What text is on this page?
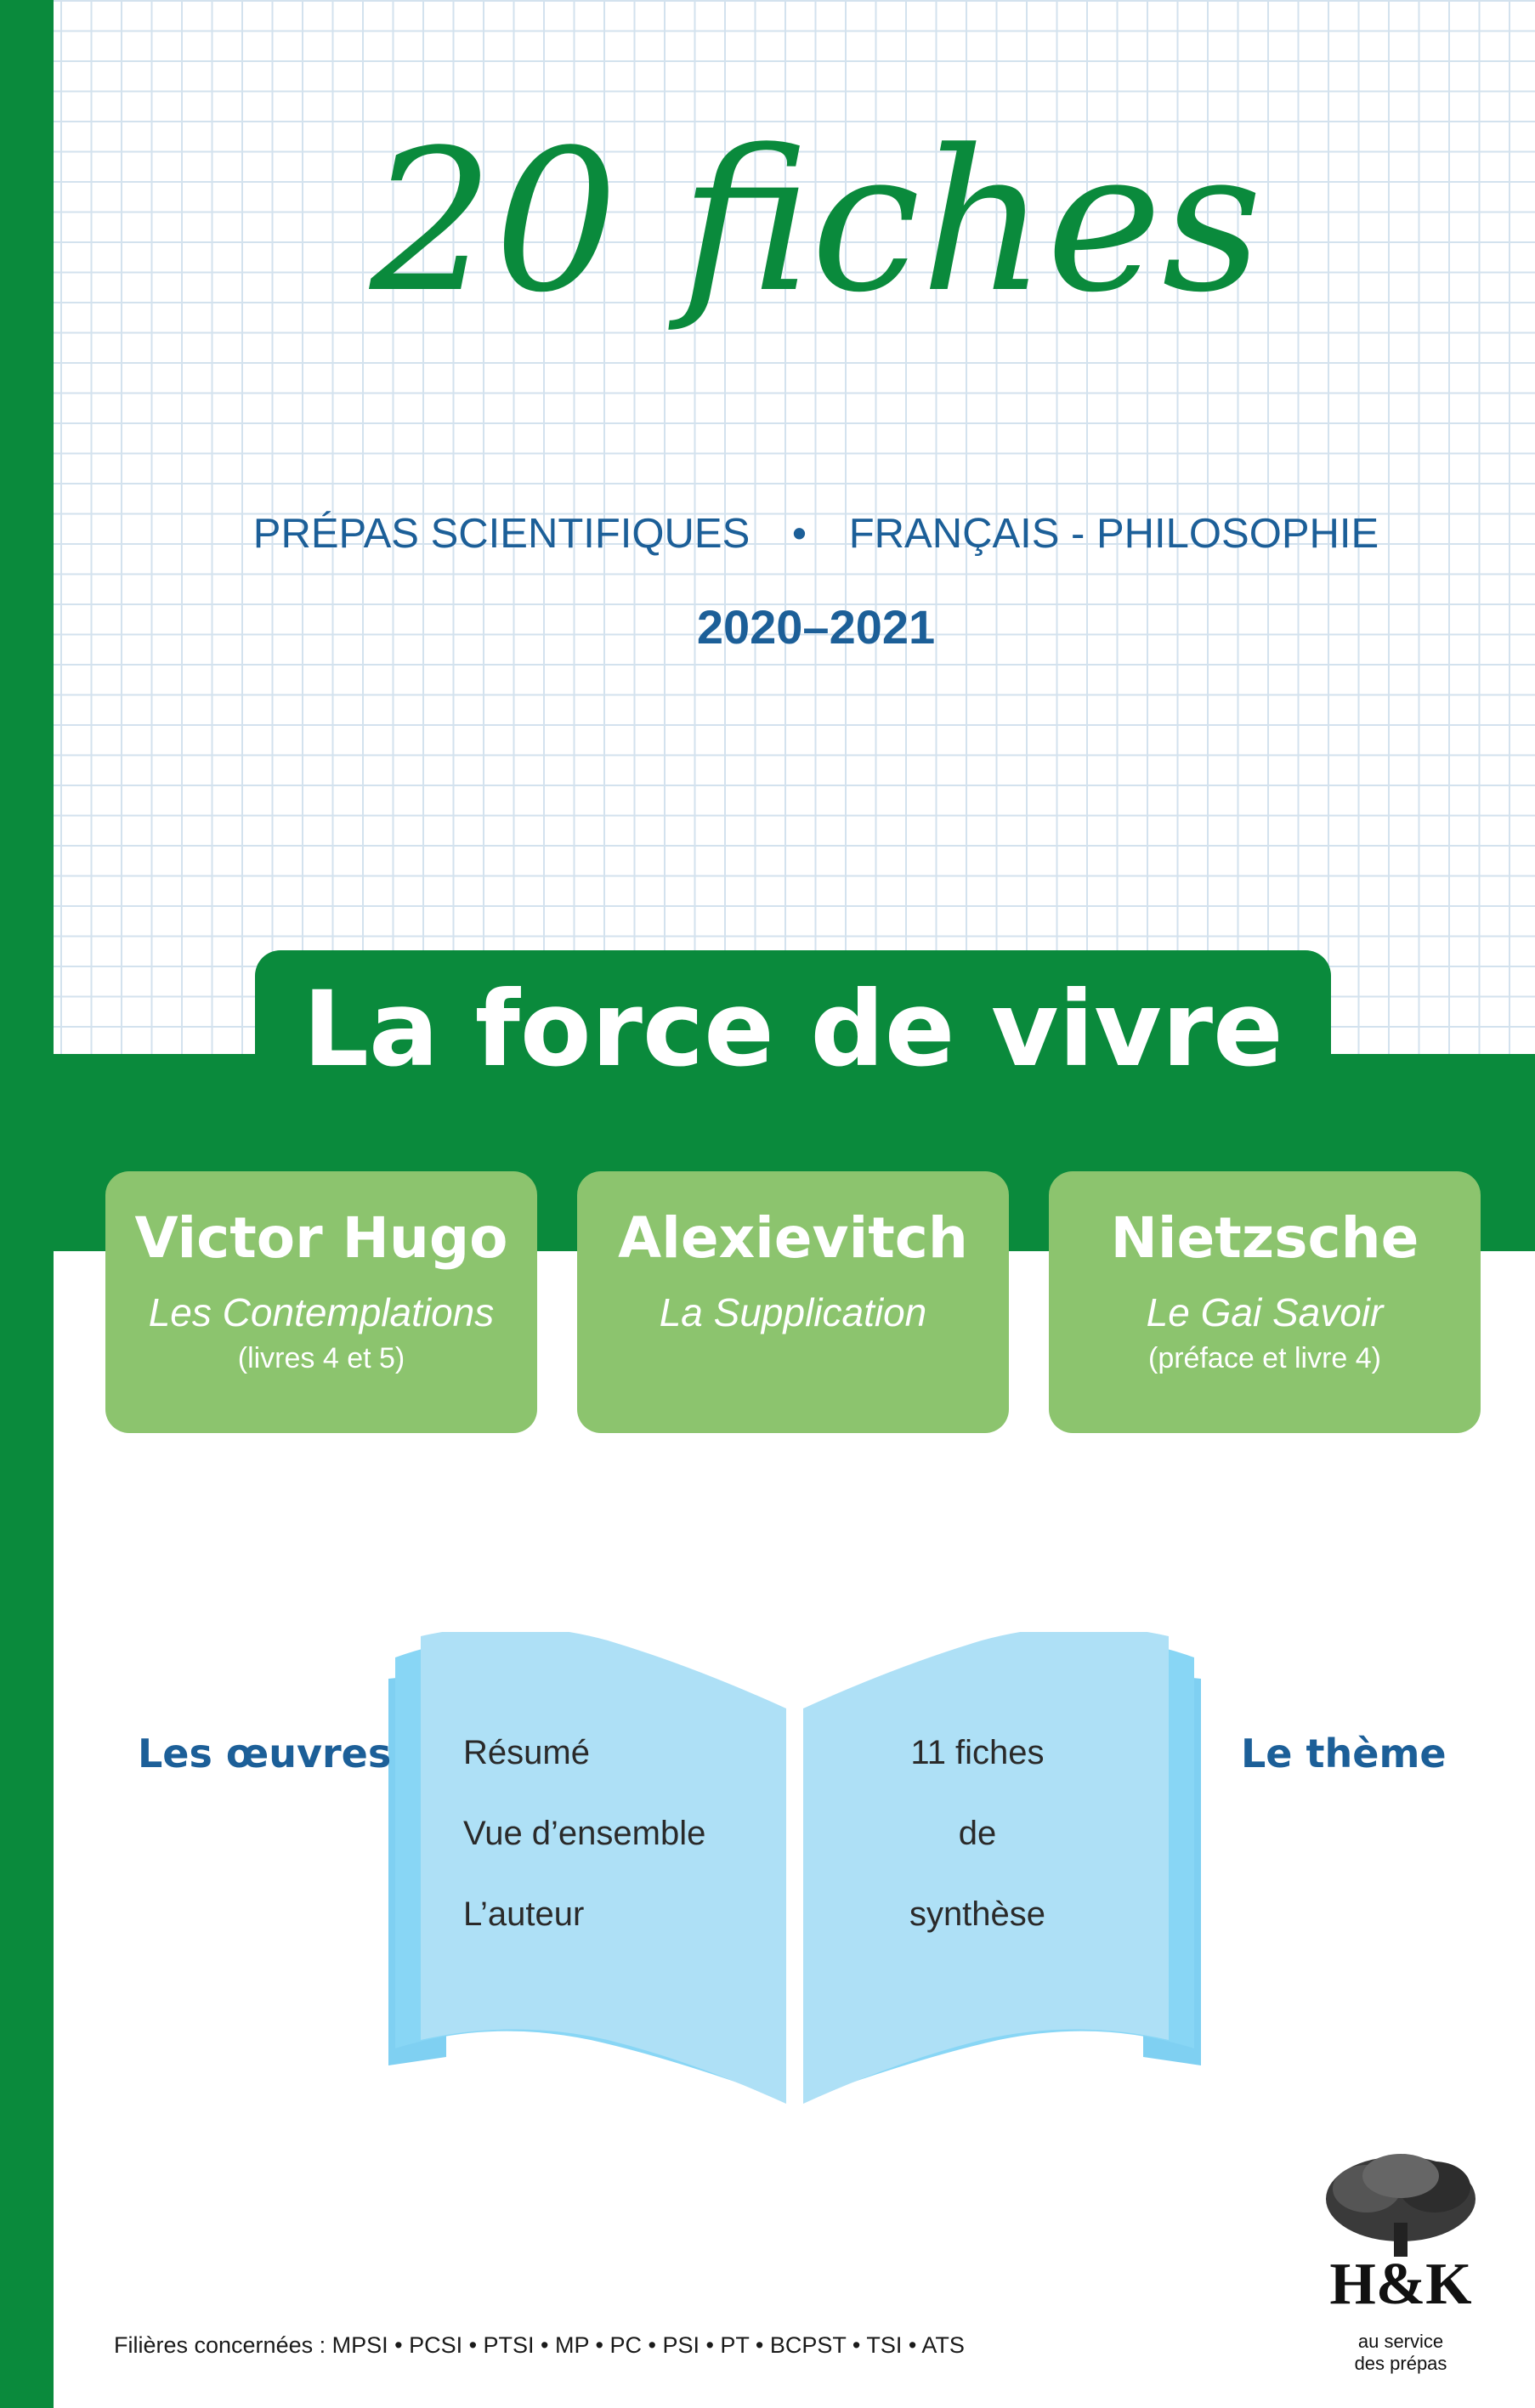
20 fiches
PRÉPAS SCIENTIFIQUES • FRANÇAIS - PHILOSOPHIE
2020–2021
La force de vivre
Victor Hugo
Les Contemplations
(livres 4 et 5)
Alexievitch
La Supplication
Nietzsche
Le Gai Savoir
(préface et livre 4)
Les œuvres	Le thème
Résumé
Vue d’ensemble
L’auteur
11 fiches
de
synthèse
Filières concernées : MPSI • PCSI • PTSI • MP • PC • PSI • PT • BCPST • TSI • ATS
H&K
au service
des prépas
